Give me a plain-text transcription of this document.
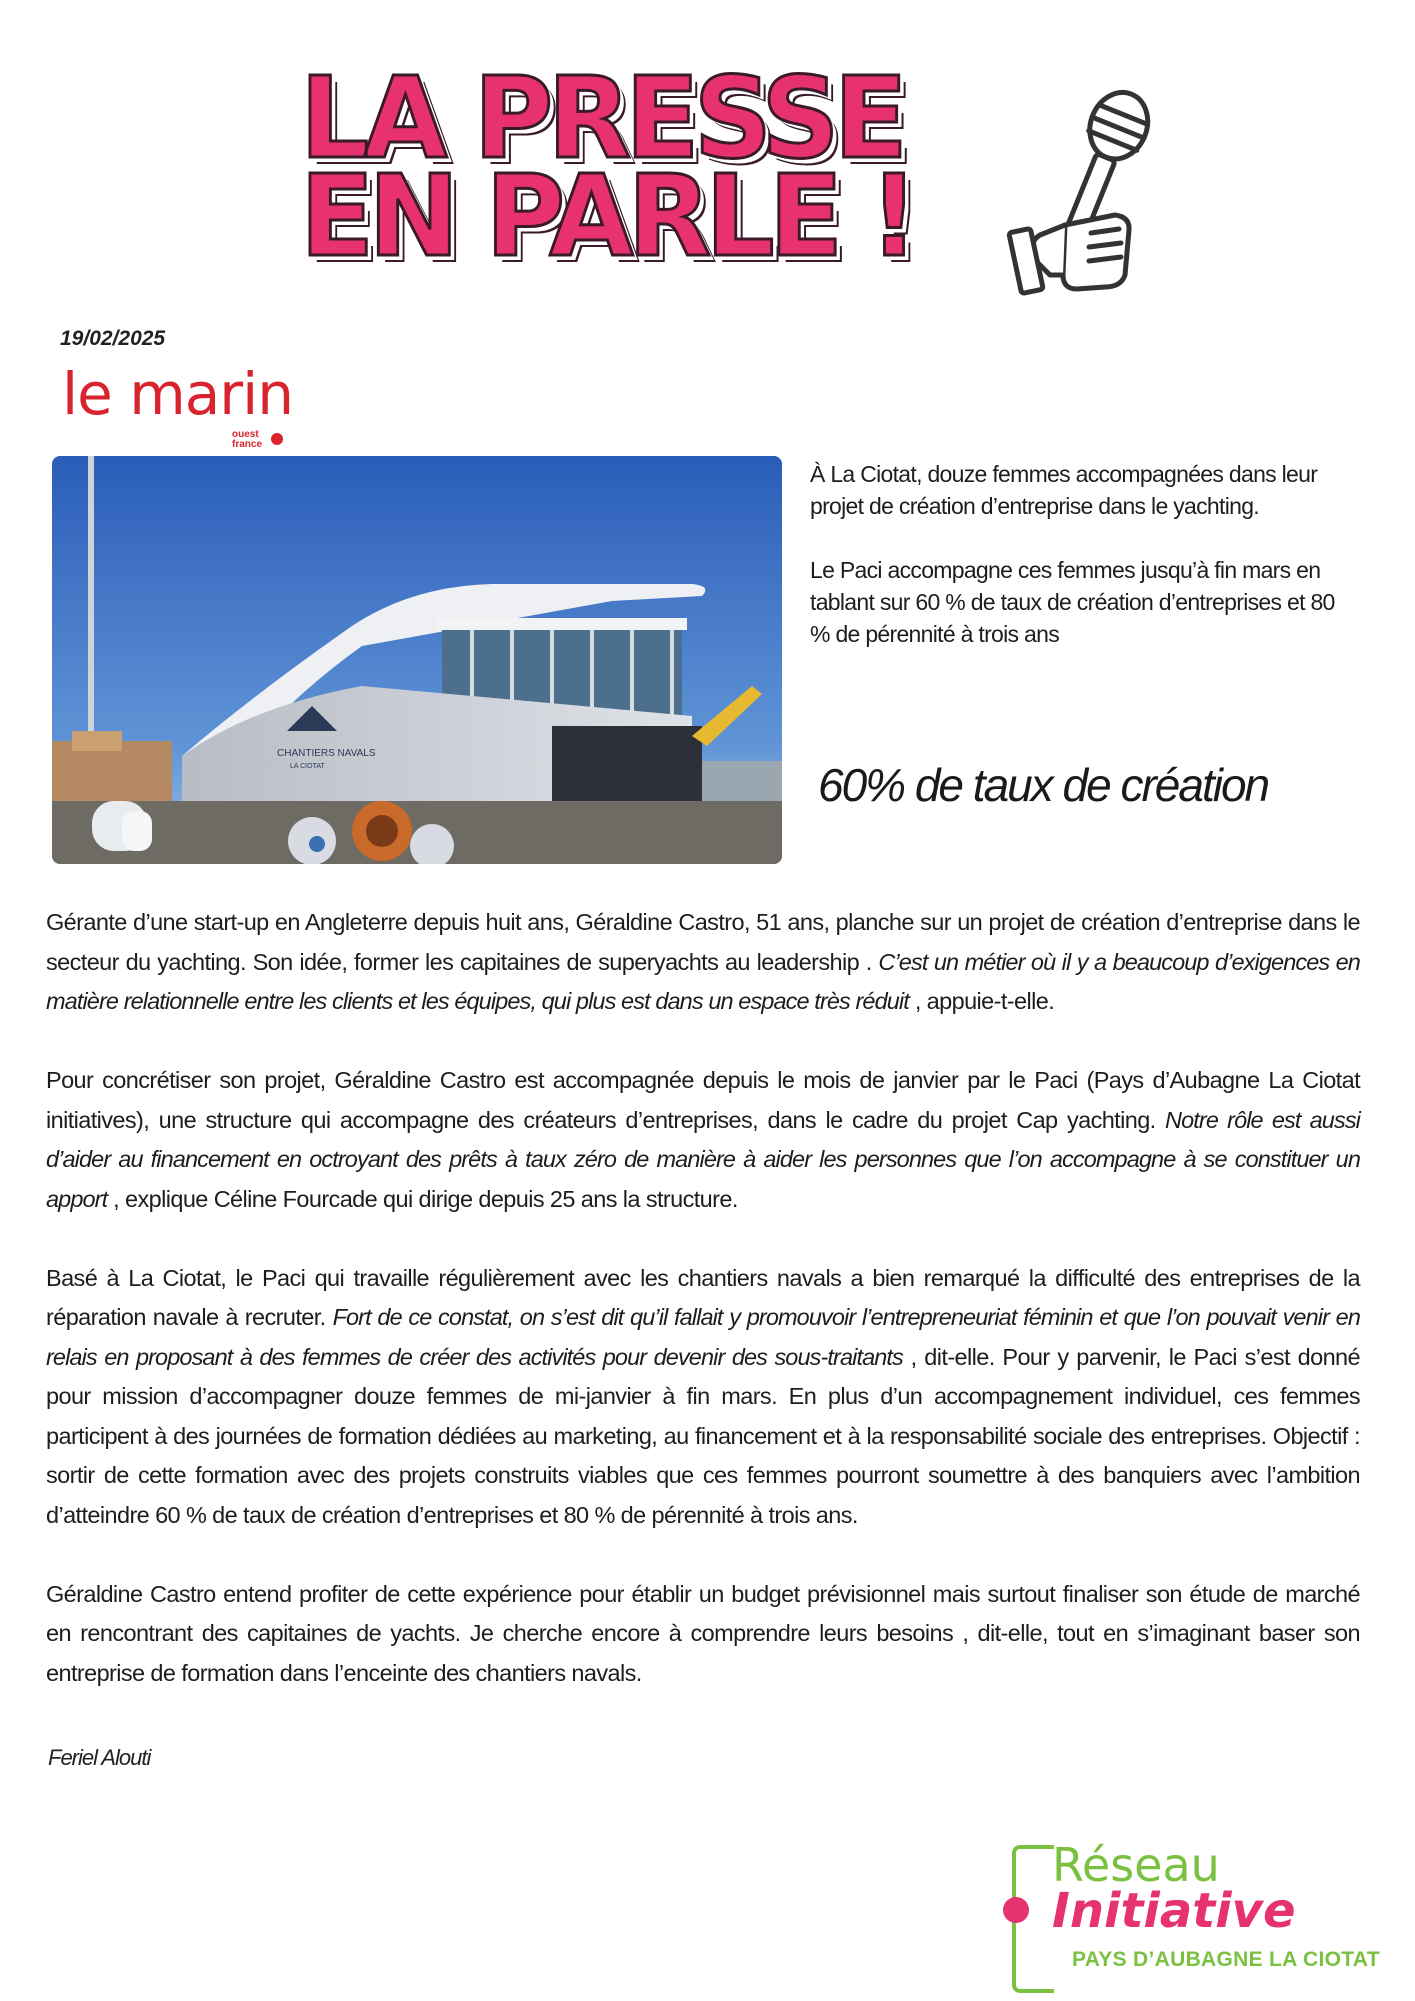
LA PRESSE
EN PARLE !
19/02/2025
le marin
ouest
france
CHANTIERS NAVALS
LA CIOTAT

À La Ciotat, douze femmes accompagnées dans leur projet de création d’entreprise dans le yachting.

Le Paci accompagne ces femmes jusqu’à fin mars en tablant sur 60 % de taux de création d’entreprises et 80 % de pérennité à trois ans

60% de taux de création

Gérante d’une start-up en Angleterre depuis huit ans, Géraldine Castro, 51 ans, planche sur un projet de création d’entreprise dans le secteur du yachting. Son idée, former les capitaines de superyachts au leadership . C’est un métier où il y a beaucoup d’exigences en matière relationnelle entre les clients et les équipes, qui plus est dans un espace très réduit , appuie-t-elle.

Pour concrétiser son projet, Géraldine Castro est accompagnée depuis le mois de janvier par le Paci (Pays d’Aubagne La Ciotat initiatives), une structure qui accompagne des créateurs d’entreprises, dans le cadre du projet Cap yachting. Notre rôle est aussi d’aider au financement en octroyant des prêts à taux zéro de manière à aider les personnes que l’on accompagne à se constituer un apport , explique Céline Fourcade qui dirige depuis 25 ans la structure.

Basé à La Ciotat, le Paci qui travaille régulièrement avec les chantiers navals a bien remarqué la difficulté des entreprises de la réparation navale à recruter. Fort de ce constat, on s’est dit qu’il fallait y promouvoir l’entrepreneuriat féminin et que l’on pouvait venir en relais en proposant à des femmes de créer des activités pour devenir des sous-traitants , dit-elle. Pour y parvenir, le Paci s’est donné pour mission d’accompagner douze femmes de mi-janvier à fin mars. En plus d’un accompagnement individuel, ces femmes participent à des journées de formation dédiées au marketing, au financement et à la responsabilité sociale des entreprises. Objectif : sortir de cette formation avec des projets construits viables que ces femmes pourront soumettre à des banquiers avec l’ambition d’atteindre 60 % de taux de création d’entreprises et 80 % de pérennité à trois ans.

Géraldine Castro entend profiter de cette expérience pour établir un budget prévisionnel mais surtout finaliser son étude de marché en rencontrant des capitaines de yachts. Je cherche encore à comprendre leurs besoins , dit-elle, tout en s’imaginant baser son entreprise de formation dans l’enceinte des chantiers navals.

Feriel Alouti
Réseau
Initiative
PAYS D’AUBAGNE LA CIOTAT
